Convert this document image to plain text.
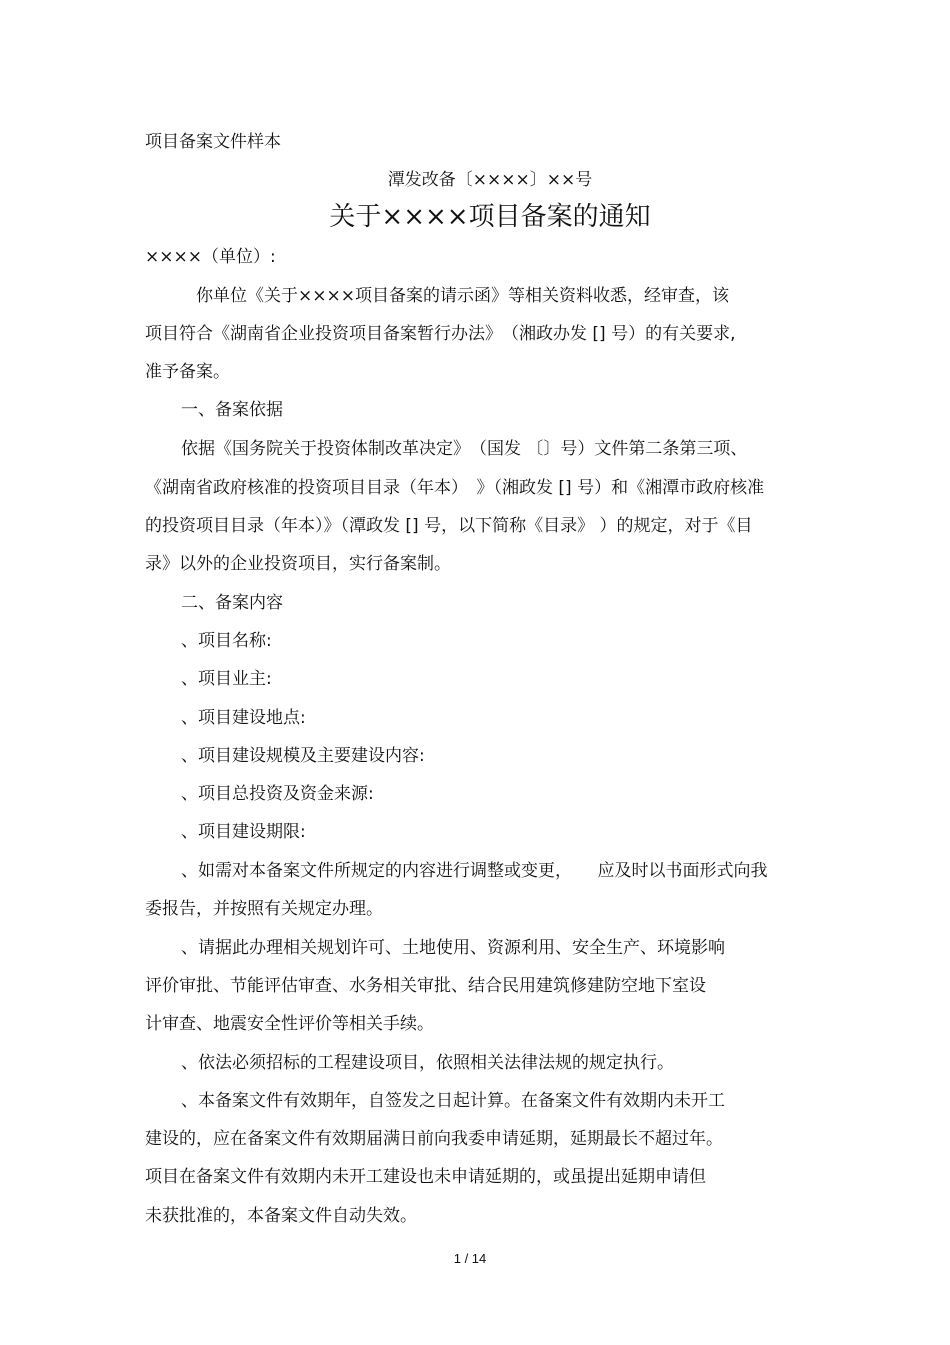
项目备案文件样本
潭发改备〔××××〕××号
关于××××项目备案的通知
××××（单位）:
你单位《关于××××项目备案的请示函》等相关资料收悉，经审查，该
项目符合《湖南省企业投资项目备案暂行办法》　（湘政办发 [] 号）的有关要求,
准予备案。
一、备案依据
依据《国务院关于投资体制改革决定》　（国发 〔〕号）文件第二条第三项、
《湖南省政府核准的投资项目目录（年本）　》（湘政发 [] 号）和《湘潭市政府核准
的投资项目目录（年本）》（潭政发 [] 号，以下简称《目录》 ）的规定，对于《目
录》以外的企业投资项目，实行备案制。
二、备案内容
、项目名称:
、项目业主:
、项目建设地点:
、项目建设规模及主要建设内容:
、项目总投资及资金来源:
、项目建设期限:
、如需对本备案文件所规定的内容进行调整或变更，　　应及时以书面形式向我
委报告，并按照有关规定办理。
、请据此办理相关规划许可、土地使用、资源利用、安全生产、环境影响
评价审批、节能评估审查、水务相关审批、结合民用建筑修建防空地下室设
计审查、地震安全性评价等相关手续。
、依法必须招标的工程建设项目，依照相关法律法规的规定执行。
、本备案文件有效期年，自签发之日起计算。在备案文件有效期内未开工
建设的，应在备案文件有效期届满日前向我委申请延期，延期最长不超过年。
项目在备案文件有效期内未开工建设也未申请延期的，或虽提出延期申请但
未获批准的，本备案文件自动失效。
1 / 14
